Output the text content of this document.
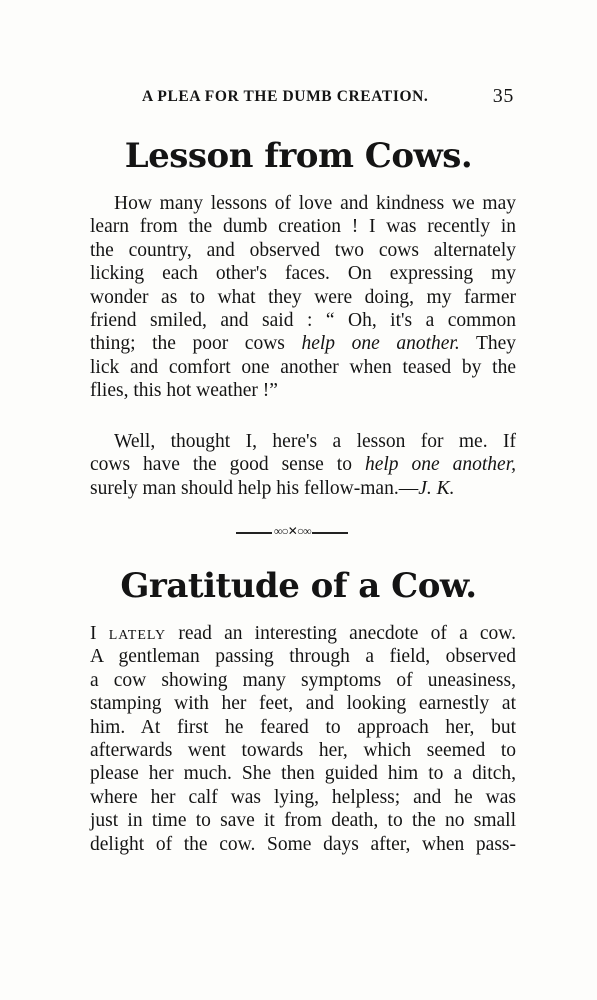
A PLEA FOR THE DUMB CREATION.	35
Lesson from Cows.
How many lessons of love and kindness we may
learn from the dumb creation ! I was recently in
the country, and observed two cows alternately
licking each other's faces. On expressing my
wonder as to what they were doing, my farmer
friend smiled, and said : “ Oh, it's a common
thing; the poor cows help one another. They
lick and comfort one another when teased by the
flies, this hot weather !”
Well, thought I, here's a lesson for me. If
cows have the good sense to help one another,
surely man should help his fellow-man.—J. K.
∞○✕○∞
Gratitude of a Cow.
I lately read an interesting anecdote of a cow.
A gentleman passing through a field, observed
a cow showing many symptoms of uneasiness,
stamping with her feet, and looking earnestly at
him. At first he feared to approach her, but
afterwards went towards her, which seemed to
please her much. She then guided him to a ditch,
where her calf was lying, helpless; and he was
just in time to save it from death, to the no small
delight of the cow. Some days after, when pass-
